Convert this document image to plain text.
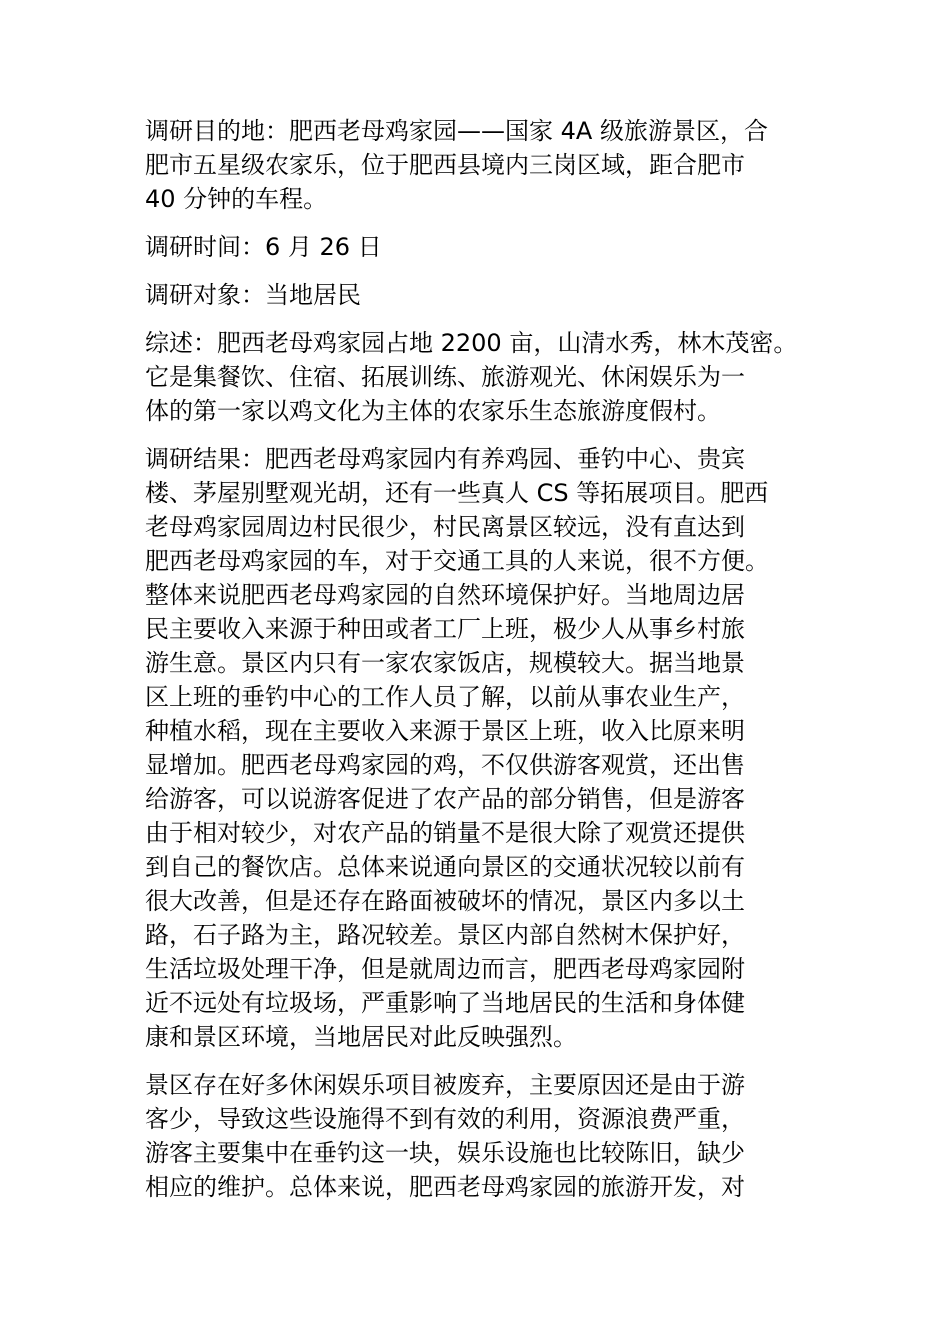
调研目的地：肥西老母鸡家园——国家 4A 级旅游景区，合
肥市五星级农家乐，位于肥西县境内三岗区域，距合肥市
40 分钟的车程。

调研时间：6 月 26 日

调研对象：当地居民

综述：肥西老母鸡家园占地 2200 亩，山清水秀，林木茂密。
它是集餐饮、住宿、拓展训练、旅游观光、休闲娱乐为一
体的第一家以鸡文化为主体的农家乐生态旅游度假村。

调研结果：肥西老母鸡家园内有养鸡园、垂钓中心、贵宾
楼、茅屋别墅观光胡，还有一些真人 CS 等拓展项目。肥西
老母鸡家园周边村民很少，村民离景区较远，没有直达到
肥西老母鸡家园的车，对于交通工具的人来说，很不方便。
整体来说肥西老母鸡家园的自然环境保护好。当地周边居
民主要收入来源于种田或者工厂上班，极少人从事乡村旅
游生意。景区内只有一家农家饭店，规模较大。据当地景
区上班的垂钓中心的工作人员了解，以前从事农业生产，
种植水稻，现在主要收入来源于景区上班，收入比原来明
显增加。肥西老母鸡家园的鸡，不仅供游客观赏，还出售
给游客，可以说游客促进了农产品的部分销售，但是游客
由于相对较少，对农产品的销量不是很大除了观赏还提供
到自己的餐饮店。总体来说通向景区的交通状况较以前有
很大改善，但是还存在路面被破坏的情况，景区内多以土
路，石子路为主，路况较差。景区内部自然树木保护好，
生活垃圾处理干净，但是就周边而言，肥西老母鸡家园附
近不远处有垃圾场，严重影响了当地居民的生活和身体健
康和景区环境，当地居民对此反映强烈。

景区存在好多休闲娱乐项目被废弃，主要原因还是由于游
客少，导致这些设施得不到有效的利用，资源浪费严重，
游客主要集中在垂钓这一块，娱乐设施也比较陈旧，缺少
相应的维护。总体来说，肥西老母鸡家园的旅游开发，对
